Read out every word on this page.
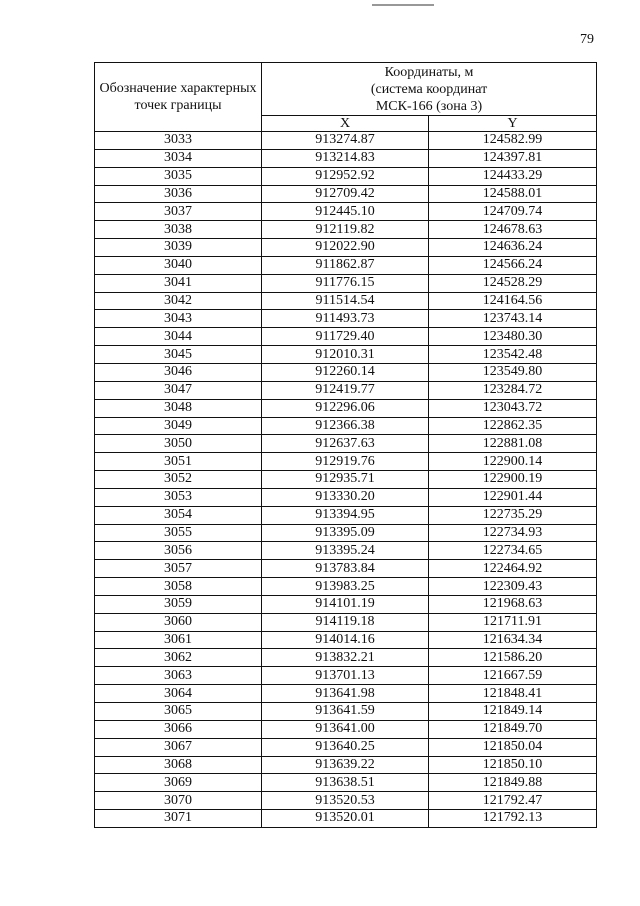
79
Обозначение характерных точек границы	Координаты, м
(система координат
МСК-166 (зона 3)	

	X	Y
3033	913274.87	124582.99
3034	913214.83	124397.81
3035	912952.92	124433.29
3036	912709.42	124588.01
3037	912445.10	124709.74
3038	912119.82	124678.63
3039	912022.90	124636.24
3040	911862.87	124566.24
3041	911776.15	124528.29
3042	911514.54	124164.56
3043	911493.73	123743.14
3044	911729.40	123480.30
3045	912010.31	123542.48
3046	912260.14	123549.80
3047	912419.77	123284.72
3048	912296.06	123043.72
3049	912366.38	122862.35
3050	912637.63	122881.08
3051	912919.76	122900.14
3052	912935.71	122900.19
3053	913330.20	122901.44
3054	913394.95	122735.29
3055	913395.09	122734.93
3056	913395.24	122734.65
3057	913783.84	122464.92
3058	913983.25	122309.43
3059	914101.19	121968.63
3060	914119.18	121711.91
3061	914014.16	121634.34
3062	913832.21	121586.20
3063	913701.13	121667.59
3064	913641.98	121848.41
3065	913641.59	121849.14
3066	913641.00	121849.70
3067	913640.25	121850.04
3068	913639.22	121850.10
3069	913638.51	121849.88
3070	913520.53	121792.47
3071	913520.01	121792.13
